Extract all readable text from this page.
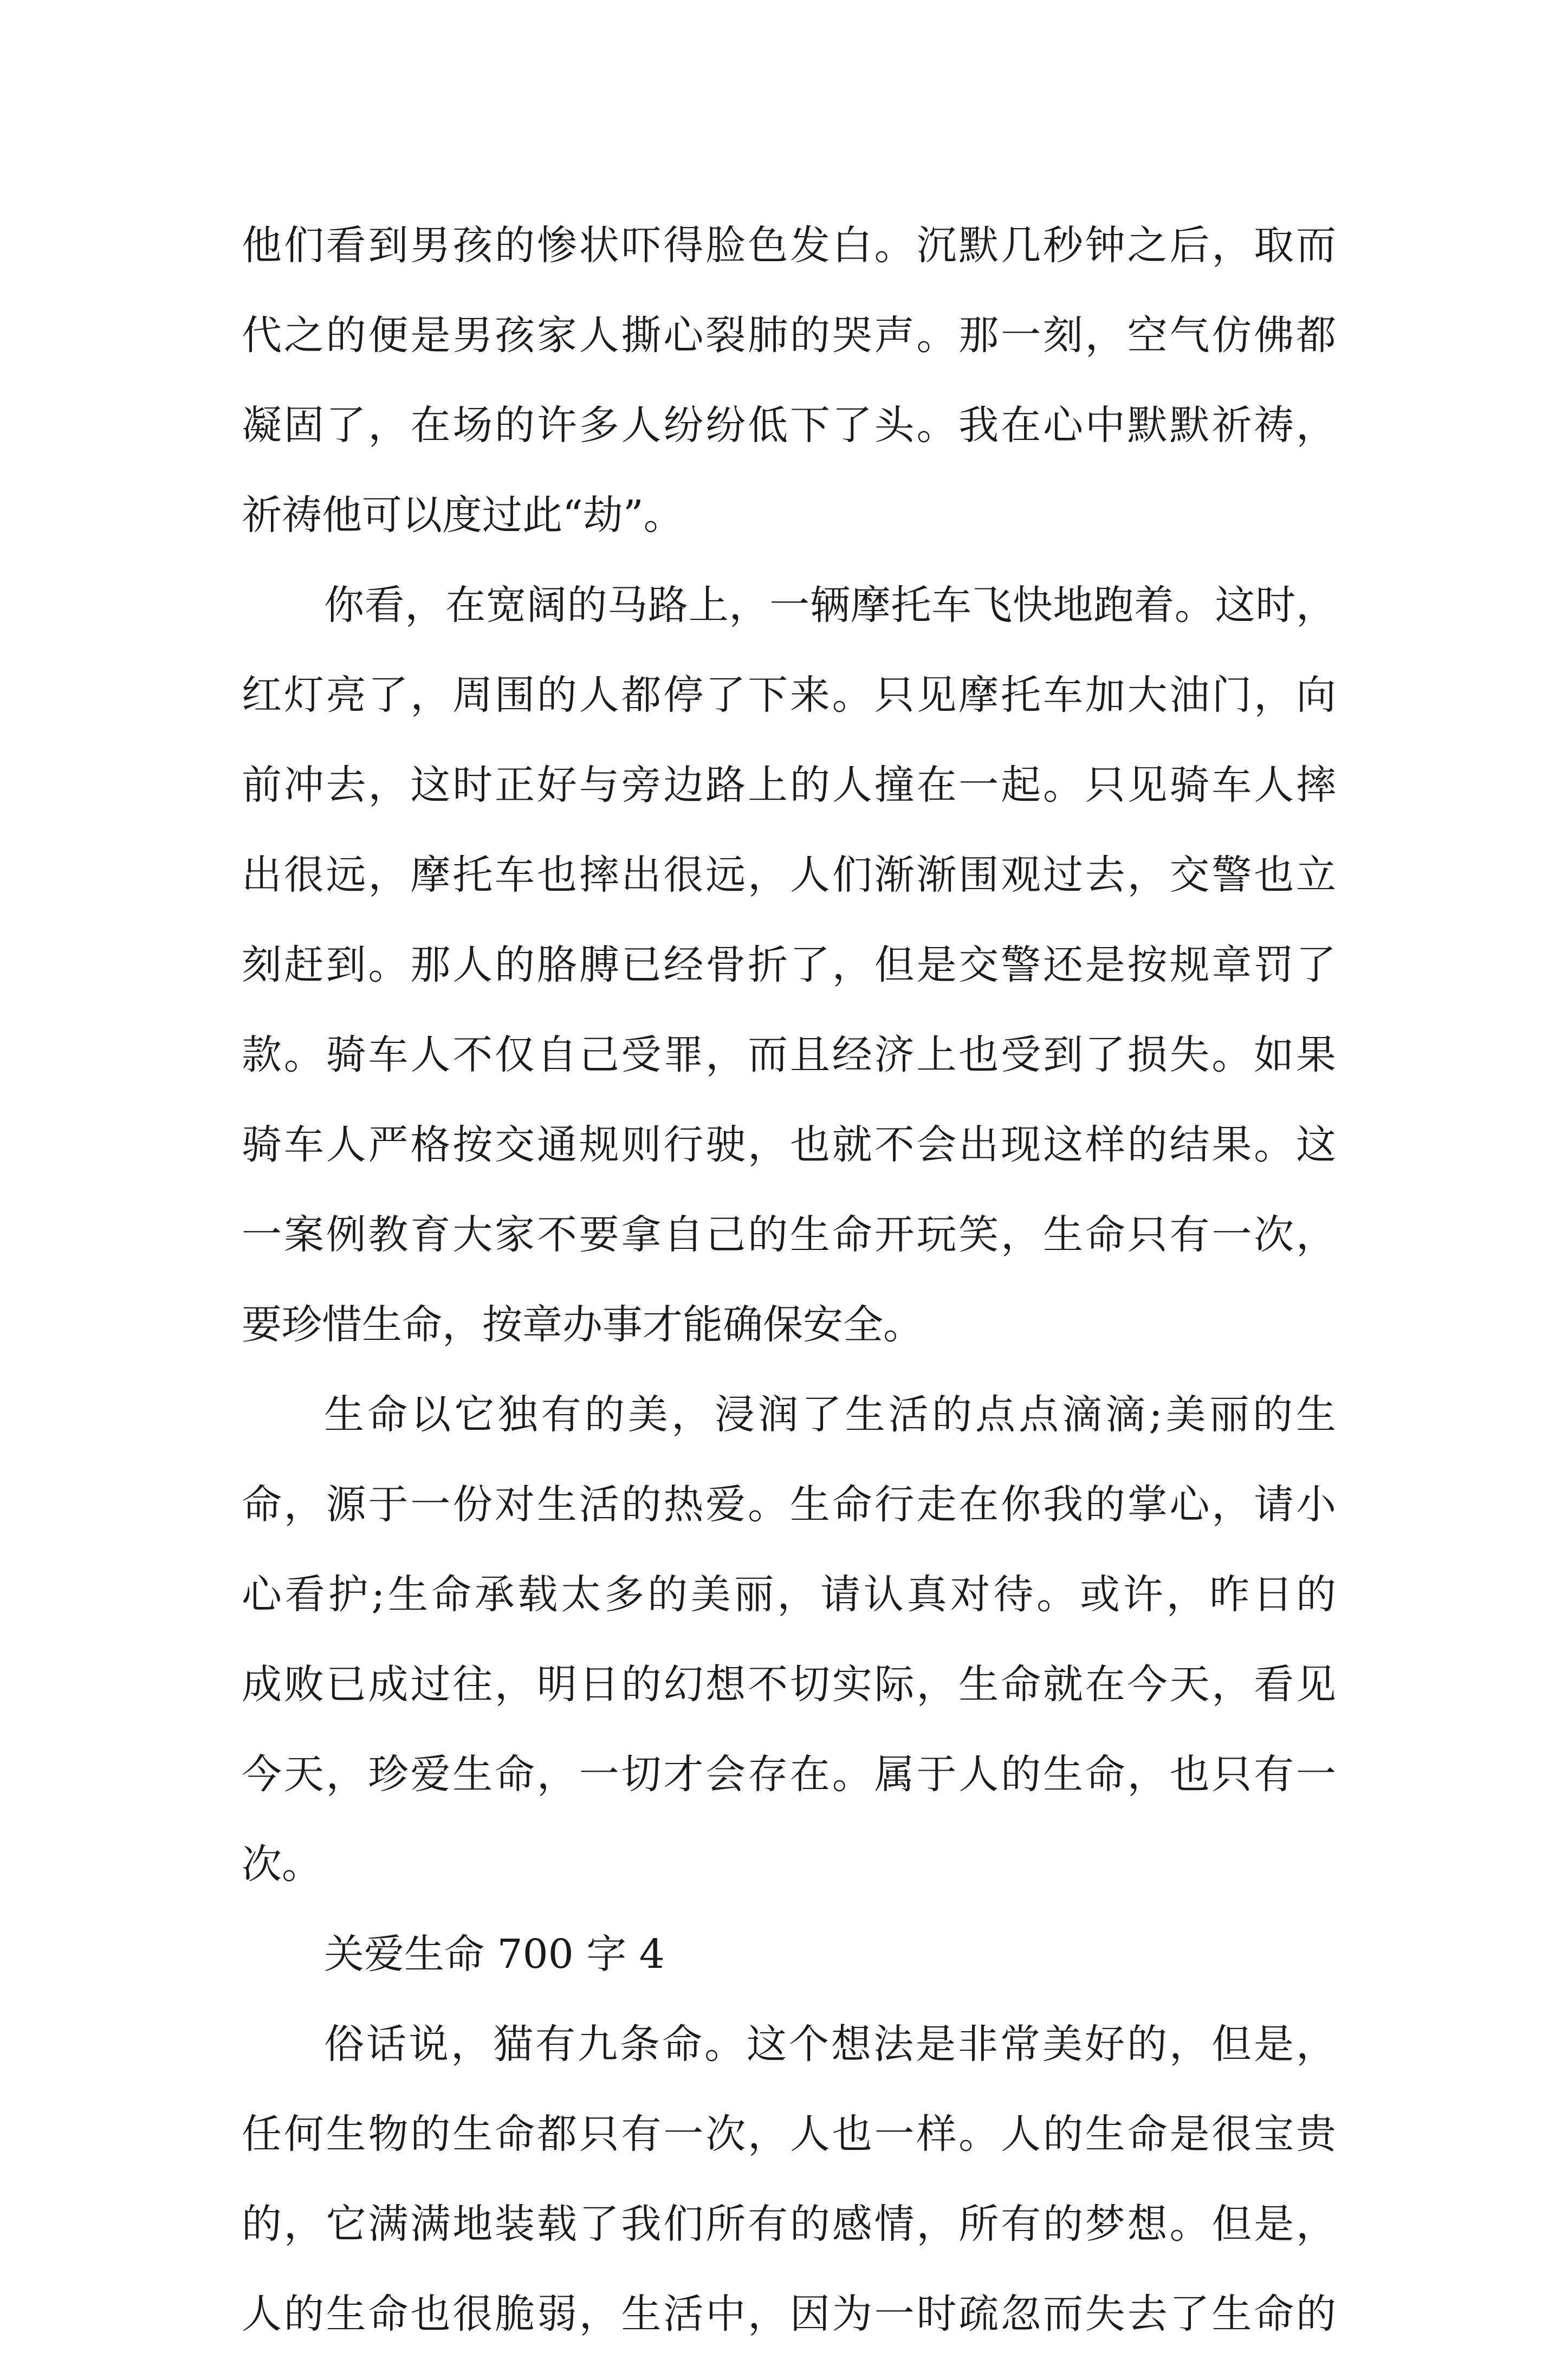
他们看到男孩的惨状吓得脸色发白。沉默几秒钟之后，取而
代之的便是男孩家人撕心裂肺的哭声。那一刻，空气仿佛都
凝固了，在场的许多人纷纷低下了头。我在心中默默祈祷，
祈祷他可以度过此“劫”。
你看，在宽阔的马路上，一辆摩托车飞快地跑着。这时，
红灯亮了，周围的人都停了下来。只见摩托车加大油门，向
前冲去，这时正好与旁边路上的人撞在一起。只见骑车人摔
出很远，摩托车也摔出很远，人们渐渐围观过去，交警也立
刻赶到。那人的胳膊已经骨折了，但是交警还是按规章罚了
款。骑车人不仅自己受罪，而且经济上也受到了损失。如果
骑车人严格按交通规则行驶，也就不会出现这样的结果。这
一案例教育大家不要拿自己的生命开玩笑，生命只有一次，
要珍惜生命，按章办事才能确保安全。
生命以它独有的美，浸润了生活的点点滴滴;美丽的生
命，源于一份对生活的热爱。生命行走在你我的掌心，请小
心看护;生命承载太多的美丽，请认真对待。或许，昨日的
成败已成过往，明日的幻想不切实际，生命就在今天，看见
今天，珍爱生命，一切才会存在。属于人的生命，也只有一
次。
关爱生命 700 字 4
俗话说，猫有九条命。这个想法是非常美好的，但是，
任何生物的生命都只有一次，人也一样。人的生命是很宝贵
的，它满满地装载了我们所有的感情，所有的梦想。但是，
人的生命也很脆弱，生活中，因为一时疏忽而失去了生命的
